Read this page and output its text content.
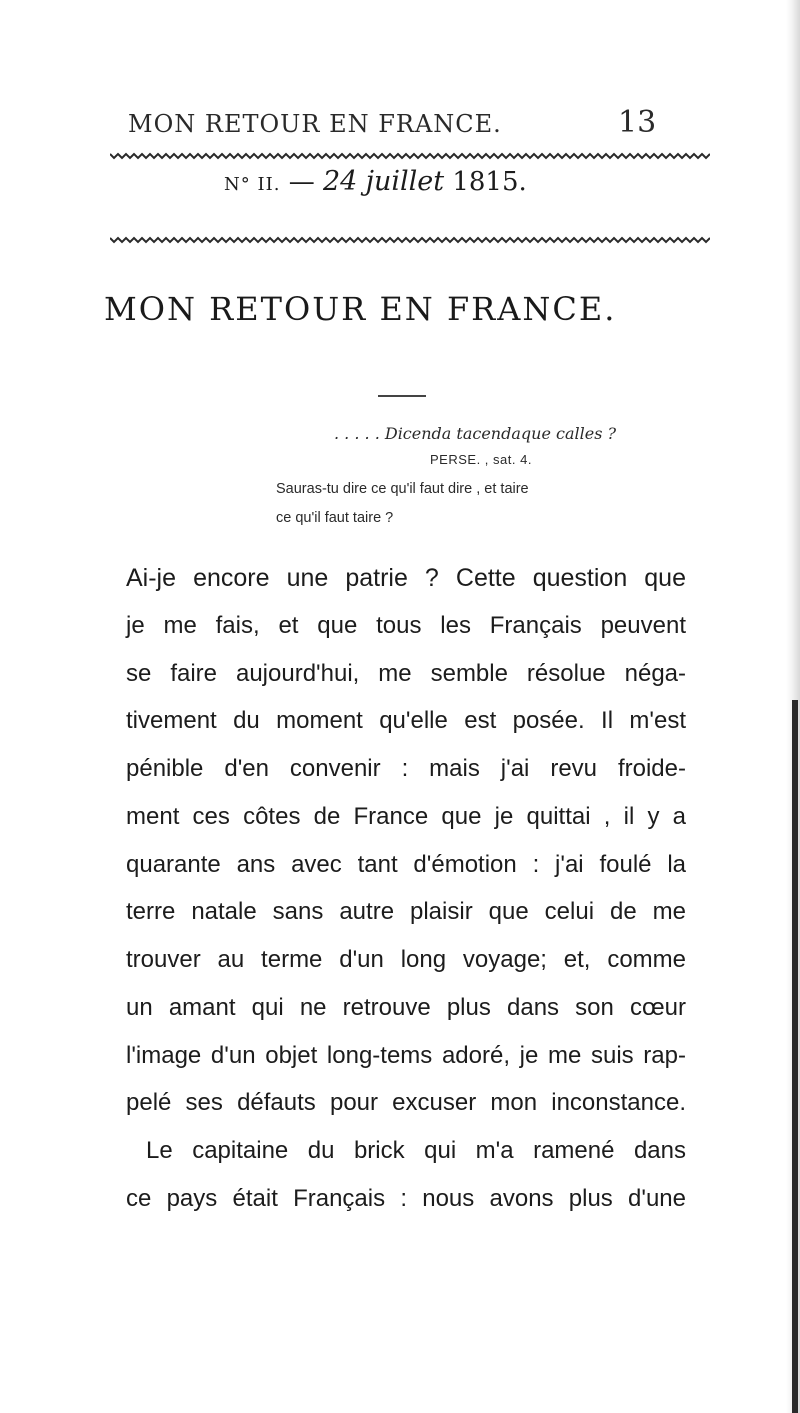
MON RETOUR EN FRANCE.	13
N° II. — 24 juillet 1815.
MON RETOUR EN FRANCE.
. . . . . Dicenda tacendaque calles ?
PERSE. , sat. 4.
Sauras-tu dire ce qu'il faut dire , et taire
ce qu'il faut taire ?
Ai-je encore une patrie ? Cette question que
je me fais, et que tous les Français peuvent
se faire aujourd'hui, me semble résolue néga-
tivement du moment qu'elle est posée. Il m'est
pénible d'en convenir : mais j'ai revu froide-
ment ces côtes de France que je quittai , il y a
quarante ans avec tant d'émotion : j'ai foulé la
terre natale sans autre plaisir que celui de me
trouver au terme d'un long voyage; et, comme
un amant qui ne retrouve plus dans son cœur
l'image d'un objet long-tems adoré, je me suis rap-
pelé ses défauts pour excuser mon inconstance.
Le capitaine du brick qui m'a ramené dans
ce pays était Français : nous avons plus d'une
